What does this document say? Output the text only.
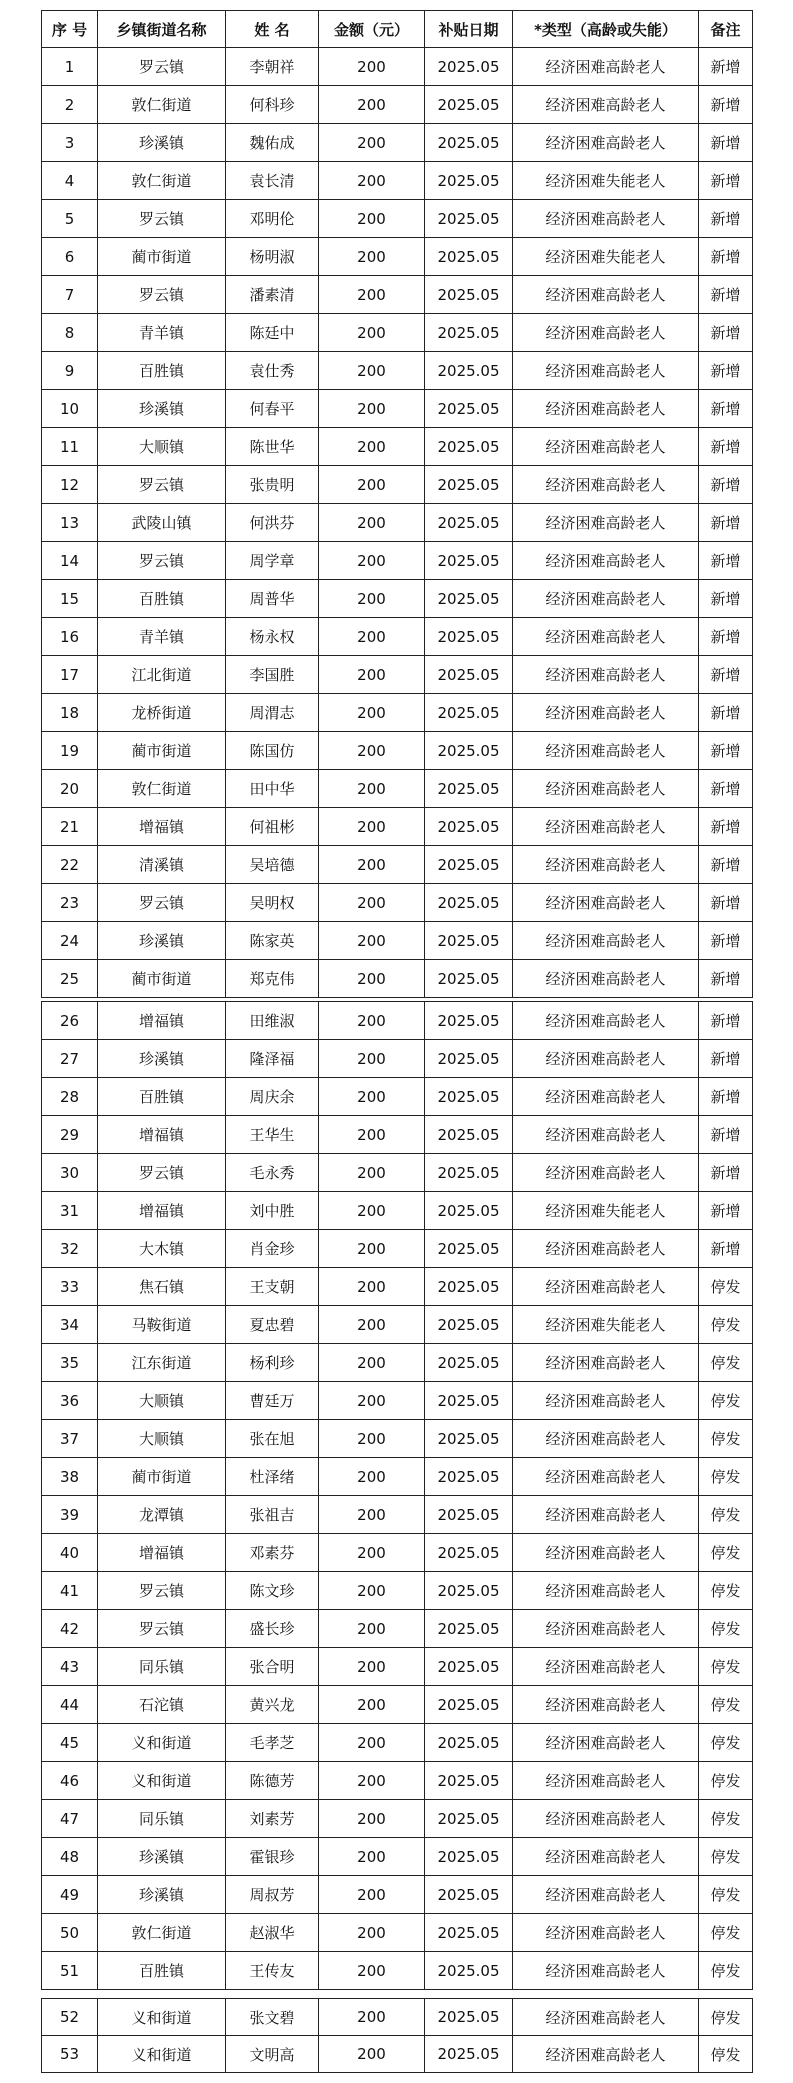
序 号	乡镇街道名称	姓 名	金额（元）	补贴日期	*类型（高龄或失能）	备注
1	罗云镇	李朝祥	200	2025.05	经济困难高龄老人	新增
2	敦仁街道	何科珍	200	2025.05	经济困难高龄老人	新增
3	珍溪镇	魏佑成	200	2025.05	经济困难高龄老人	新增
4	敦仁街道	袁长清	200	2025.05	经济困难失能老人	新增
5	罗云镇	邓明伦	200	2025.05	经济困难高龄老人	新增
6	蔺市街道	杨明淑	200	2025.05	经济困难失能老人	新增
7	罗云镇	潘素清	200	2025.05	经济困难高龄老人	新增
8	青羊镇	陈廷中	200	2025.05	经济困难高龄老人	新增
9	百胜镇	袁仕秀	200	2025.05	经济困难高龄老人	新增
10	珍溪镇	何春平	200	2025.05	经济困难高龄老人	新增
11	大顺镇	陈世华	200	2025.05	经济困难高龄老人	新增
12	罗云镇	张贵明	200	2025.05	经济困难高龄老人	新增
13	武陵山镇	何洪芬	200	2025.05	经济困难高龄老人	新增
14	罗云镇	周学章	200	2025.05	经济困难高龄老人	新增
15	百胜镇	周普华	200	2025.05	经济困难高龄老人	新增
16	青羊镇	杨永权	200	2025.05	经济困难高龄老人	新增
17	江北街道	李国胜	200	2025.05	经济困难高龄老人	新增
18	龙桥街道	周渭志	200	2025.05	经济困难高龄老人	新增
19	蔺市街道	陈国仿	200	2025.05	经济困难高龄老人	新增
20	敦仁街道	田中华	200	2025.05	经济困难高龄老人	新增
21	增福镇	何祖彬	200	2025.05	经济困难高龄老人	新增
22	清溪镇	吴培德	200	2025.05	经济困难高龄老人	新增
23	罗云镇	吴明权	200	2025.05	经济困难高龄老人	新增
24	珍溪镇	陈家英	200	2025.05	经济困难高龄老人	新增
25	蔺市街道	郑克伟	200	2025.05	经济困难高龄老人	新增
26	增福镇	田维淑	200	2025.05	经济困难高龄老人	新增
27	珍溪镇	隆泽福	200	2025.05	经济困难高龄老人	新增
28	百胜镇	周庆余	200	2025.05	经济困难高龄老人	新增
29	增福镇	王华生	200	2025.05	经济困难高龄老人	新增
30	罗云镇	毛永秀	200	2025.05	经济困难高龄老人	新增
31	增福镇	刘中胜	200	2025.05	经济困难失能老人	新增
32	大木镇	肖金珍	200	2025.05	经济困难高龄老人	新增
33	焦石镇	王支朝	200	2025.05	经济困难高龄老人	停发
34	马鞍街道	夏忠碧	200	2025.05	经济困难失能老人	停发
35	江东街道	杨利珍	200	2025.05	经济困难高龄老人	停发
36	大顺镇	曹廷万	200	2025.05	经济困难高龄老人	停发
37	大顺镇	张在旭	200	2025.05	经济困难高龄老人	停发
38	蔺市街道	杜泽绪	200	2025.05	经济困难高龄老人	停发
39	龙潭镇	张祖吉	200	2025.05	经济困难高龄老人	停发
40	增福镇	邓素芬	200	2025.05	经济困难高龄老人	停发
41	罗云镇	陈文珍	200	2025.05	经济困难高龄老人	停发
42	罗云镇	盛长珍	200	2025.05	经济困难高龄老人	停发
43	同乐镇	张合明	200	2025.05	经济困难高龄老人	停发
44	石沱镇	黄兴龙	200	2025.05	经济困难高龄老人	停发
45	义和街道	毛孝芝	200	2025.05	经济困难高龄老人	停发
46	义和街道	陈德芳	200	2025.05	经济困难高龄老人	停发
47	同乐镇	刘素芳	200	2025.05	经济困难高龄老人	停发
48	珍溪镇	霍银珍	200	2025.05	经济困难高龄老人	停发
49	珍溪镇	周叔芳	200	2025.05	经济困难高龄老人	停发
50	敦仁街道	赵淑华	200	2025.05	经济困难高龄老人	停发
51	百胜镇	王传友	200	2025.05	经济困难高龄老人	停发
52	义和街道	张文碧	200	2025.05	经济困难高龄老人	停发
53	义和街道	文明高	200	2025.05	经济困难高龄老人	停发
